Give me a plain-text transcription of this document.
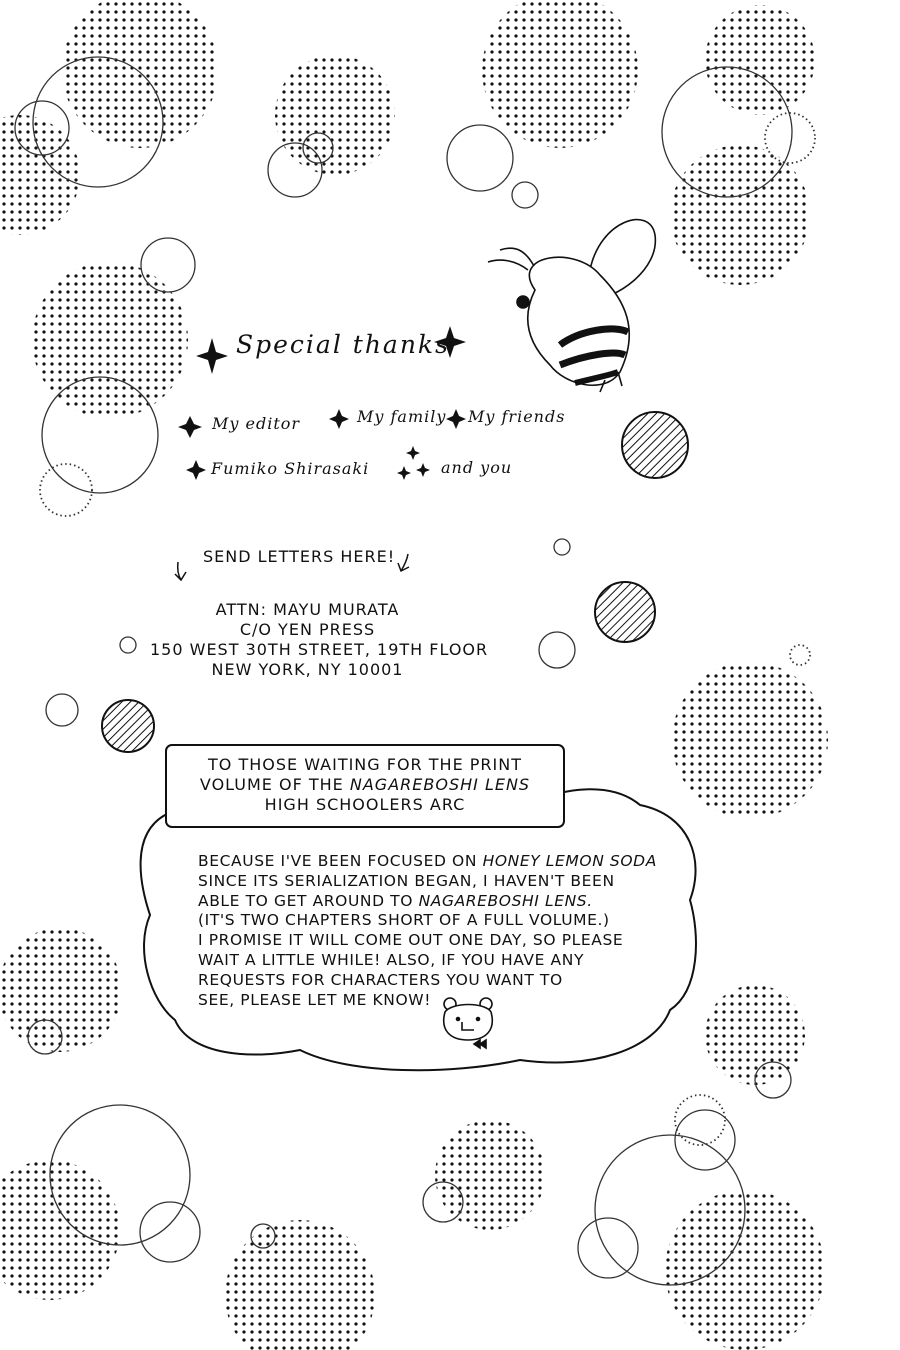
Special thanks
My editor	My family My friends
Fumiko Shirasaki	and you
SEND LETTERS HERE!
ATTN: MAYU MURATA
C/O YEN PRESS
150 WEST 30TH STREET, 19TH FLOOR
NEW YORK, NY 10001
TO THOSE WAITING FOR THE PRINT
VOLUME OF THE NAGAREBOSHI LENS
HIGH SCHOOLERS ARC
BECAUSE I'VE BEEN FOCUSED ON HONEY LEMON SODA
SINCE ITS SERIALIZATION BEGAN, I HAVEN'T BEEN
ABLE TO GET AROUND TO NAGAREBOSHI LENS.
(IT'S TWO CHAPTERS SHORT OF A FULL VOLUME.)
I PROMISE IT WILL COME OUT ONE DAY, SO PLEASE
WAIT A LITTLE WHILE! ALSO, IF YOU HAVE ANY
REQUESTS FOR CHARACTERS YOU WANT TO
SEE, PLEASE LET ME KNOW!
